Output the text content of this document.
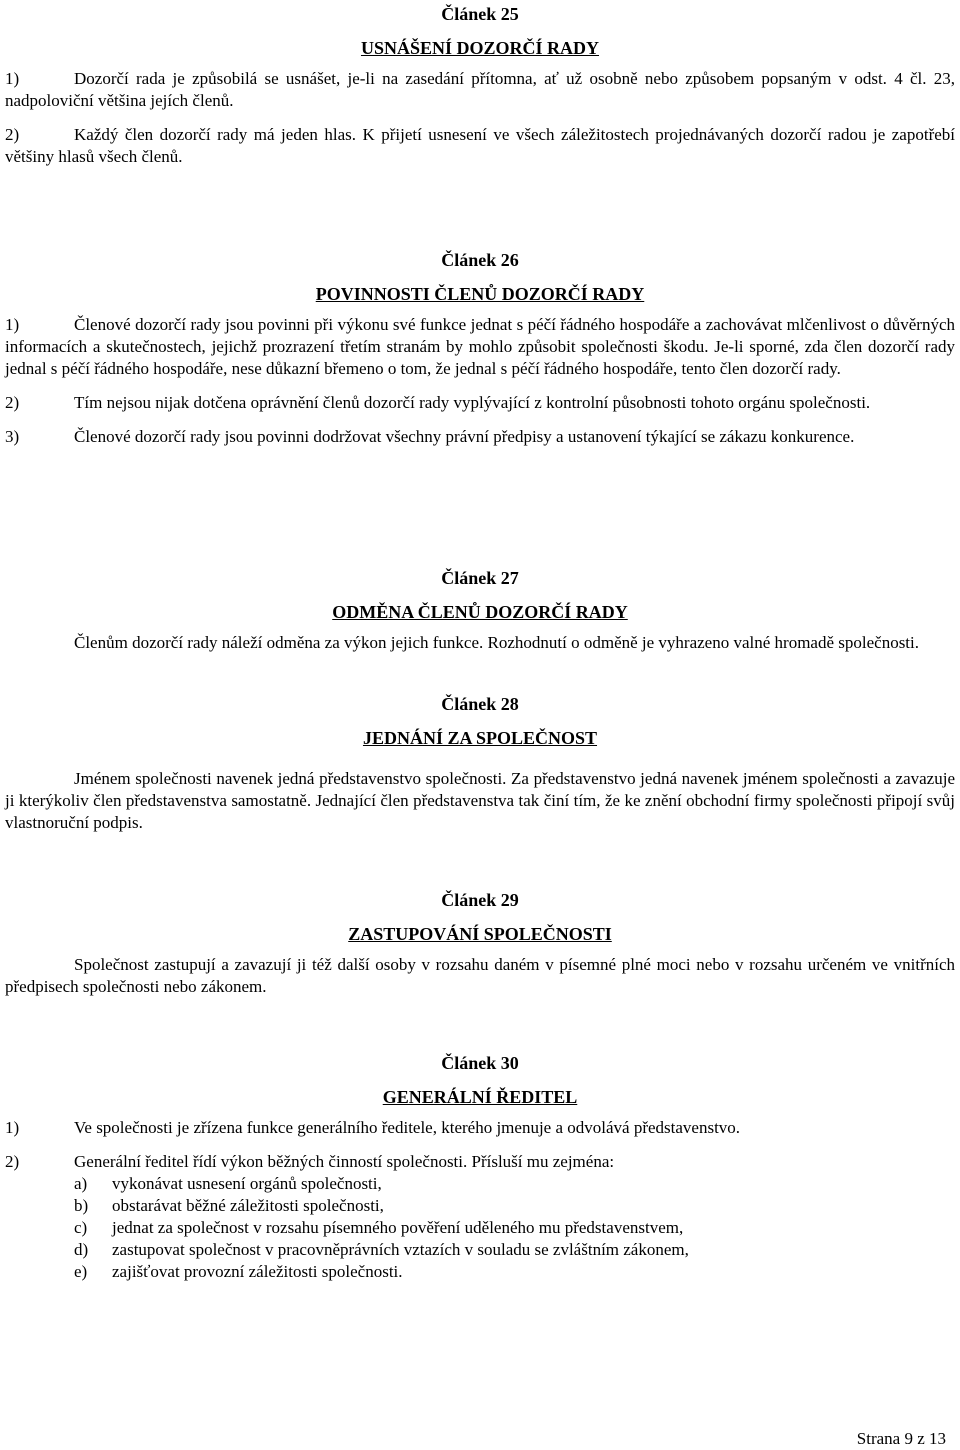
Článek 25

USNÁŠENÍ DOZORČÍ RADY

1)	Dozorčí rada je způsobilá se usnášet, je-li na zasedání přítomna, ať už osobně nebo způsobem popsaným v odst. 4 čl. 23, nadpoloviční většina jejích členů.

2)	Každý člen dozorčí rady má jeden hlas. K přijetí usnesení ve všech záležitostech projednávaných dozorčí radou je zapotřebí většiny hlasů všech členů.

Článek 26

POVINNOSTI ČLENŮ DOZORČÍ RADY

1)	Členové dozorčí rady jsou povinni při výkonu své funkce jednat s péčí řádného hospodáře a zachovávat mlčenlivost o důvěrných informacích a skutečnostech, jejichž prozrazení třetím stranám by mohlo způsobit společnosti škodu. Je-li sporné, zda člen dozorčí rady jednal s péčí řádného hospodáře, nese důkazní břemeno o tom, že jednal s péčí řádného hospodáře, tento člen dozorčí rady.

2)	Tím nejsou nijak dotčena oprávnění členů dozorčí rady vyplývající z kontrolní působnosti tohoto orgánu společnosti.

3)	Členové dozorčí rady jsou povinni dodržovat všechny právní předpisy a ustanovení týkající se zákazu konkurence.

Článek 27

ODMĚNA ČLENŮ DOZORČÍ RADY

Členům dozorčí rady náleží odměna za výkon jejich funkce. Rozhodnutí o odměně je vyhrazeno valné hromadě společnosti.

Článek 28

JEDNÁNÍ ZA SPOLEČNOST

Jménem společnosti navenek jedná představenstvo společnosti. Za představenstvo jedná navenek jménem společnosti a zavazuje ji kterýkoliv člen představenstva samostatně. Jednající člen představenstva tak činí tím, že ke znění obchodní firmy společnosti připojí svůj vlastnoruční podpis.

Článek 29

ZASTUPOVÁNÍ SPOLEČNOSTI

Společnost zastupují a zavazují ji též další osoby v rozsahu daném v písemné plné moci nebo v rozsahu určeném ve vnitřních předpisech společnosti nebo zákonem.

Článek 30

GENERÁLNÍ ŘEDITEL

1)	Ve společnosti je zřízena funkce generálního ředitele, kterého jmenuje a odvolává představenstvo.

2)	Generální ředitel řídí výkon běžných činností společnosti. Přísluší mu zejména:

a) vykonávat usnesení orgánů společnosti,
b) obstarávat běžné záležitosti společnosti,
c) jednat za společnost v rozsahu písemného pověření uděleného mu představenstvem,
d) zastupovat společnost v pracovněprávních vztazích v souladu se zvláštním zákonem,
e) zajišťovat provozní záležitosti společnosti.
Strana 9 z 13
